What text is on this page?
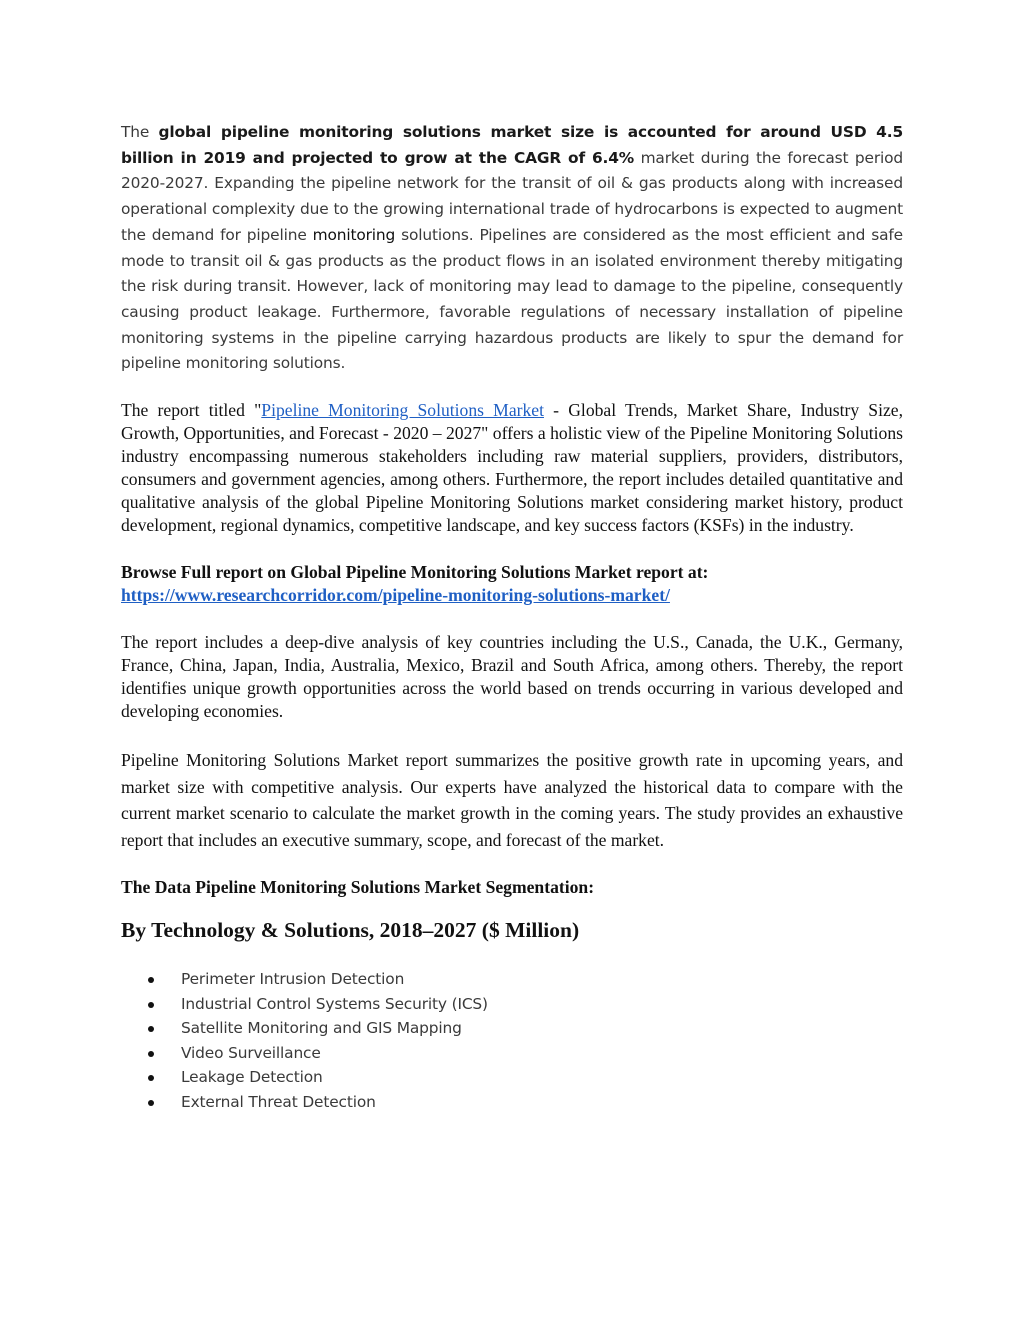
The global pipeline monitoring solutions market size is accounted for around USD 4.5 billion in 2019 and projected to grow at the CAGR of 6.4% market during the forecast period 2020-2027. Expanding the pipeline network for the transit of oil & gas products along with increased operational complexity due to the growing international trade of hydrocarbons is expected to augment the demand for pipeline monitoring solutions. Pipelines are considered as the most efficient and safe mode to transit oil & gas products as the product flows in an isolated environment thereby mitigating the risk during transit. However, lack of monitoring may lead to damage to the pipeline, consequently causing product leakage. Furthermore, favorable regulations of necessary installation of pipeline monitoring systems in the pipeline carrying hazardous products are likely to spur the demand for pipeline monitoring solutions.

The report titled "Pipeline Monitoring Solutions Market - Global Trends, Market Share, Industry Size, Growth, Opportunities, and Forecast - 2020 – 2027" offers a holistic view of the Pipeline Monitoring Solutions industry encompassing numerous stakeholders including raw material suppliers, providers, distributors, consumers and government agencies, among others. Furthermore, the report includes detailed quantitative and qualitative analysis of the global Pipeline Monitoring Solutions market considering market history, product development, regional dynamics, competitive landscape, and key success factors (KSFs) in the industry.

Browse Full report on Global Pipeline Monitoring Solutions Market report at:
https://www.researchcorridor.com/pipeline-monitoring-solutions-market/

The report includes a deep-dive analysis of key countries including the U.S., Canada, the U.K., Germany, France, China, Japan, India, Australia, Mexico, Brazil and South Africa, among others. Thereby, the report identifies unique growth opportunities across the world based on trends occurring in various developed and developing economies.

Pipeline Monitoring Solutions Market report summarizes the positive growth rate in upcoming years, and market size with competitive analysis. Our experts have analyzed the historical data to compare with the current market scenario to calculate the market growth in the coming years. The study provides an exhaustive report that includes an executive summary, scope, and forecast of the market.

The Data Pipeline Monitoring Solutions Market Segmentation:
By Technology & Solutions, 2018–2027 ($ Million)
Perimeter Intrusion Detection
Industrial Control Systems Security (ICS)
Satellite Monitoring and GIS Mapping
Video Surveillance
Leakage Detection
External Threat Detection
